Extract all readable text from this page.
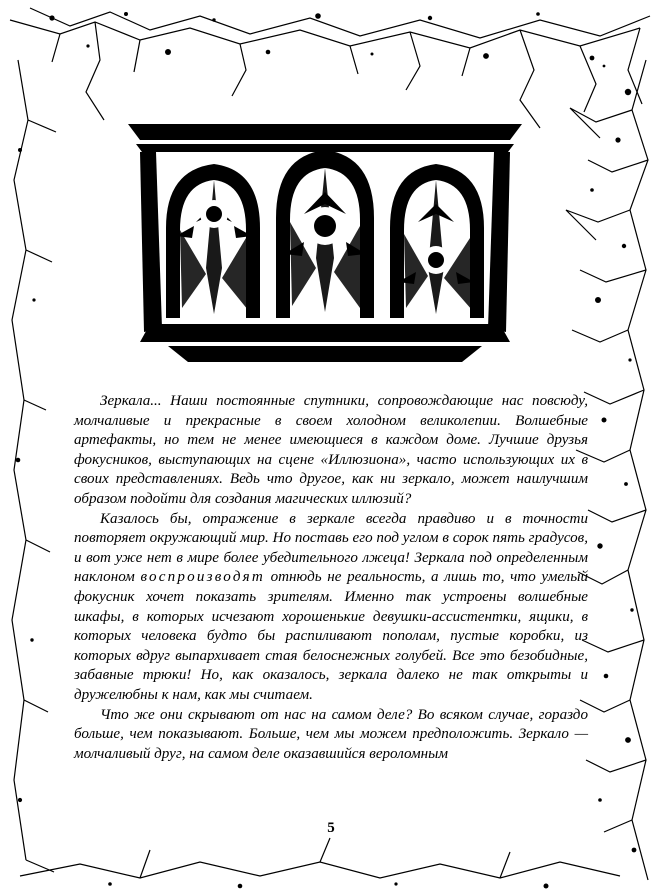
Зеркала... Наши постоянные спутники, сопровождающие нас повсюду, молчаливые и прекрасные в своем холодном великолепии. Волшебные артефакты, но тем не менее имеющиеся в каждом доме. Лучшие друзья фокусников, выступающих на сцене «Иллюзиона», часто использующих их в своих представлениях. Ведь что другое, как ни зеркало, может наилучшим образом подойти для создания магических иллюзий?

Казалось бы, отражение в зеркале всегда правдиво и в точности повторяет окружающий мир. Но поставь его под углом в сорок пять градусов, и вот уже нет в мире более убедительного лжеца! Зеркала под определенным наклоном воспроизводят отнюдь не реальность, а лишь то, что умелый фокусник хочет показать зрителям. Именно так устроены волшебные шкафы, в которых исчезают хорошенькие девушки-ассистентки, ящики, в которых человека будто бы распиливают пополам, пустые коробки, из которых вдруг выпархивает стая белоснежных голубей. Все это безобидные, забавные трюки! Но, как оказалось, зеркала далеко не так открыты и дружелюбны к нам, как мы считаем.

Что же они скрывают от нас на самом деле? Во всяком случае, гораздо больше, чем показывают. Больше, чем мы можем предположить. Зеркало — молчаливый друг, на самом деле оказавшийся вероломным

5
